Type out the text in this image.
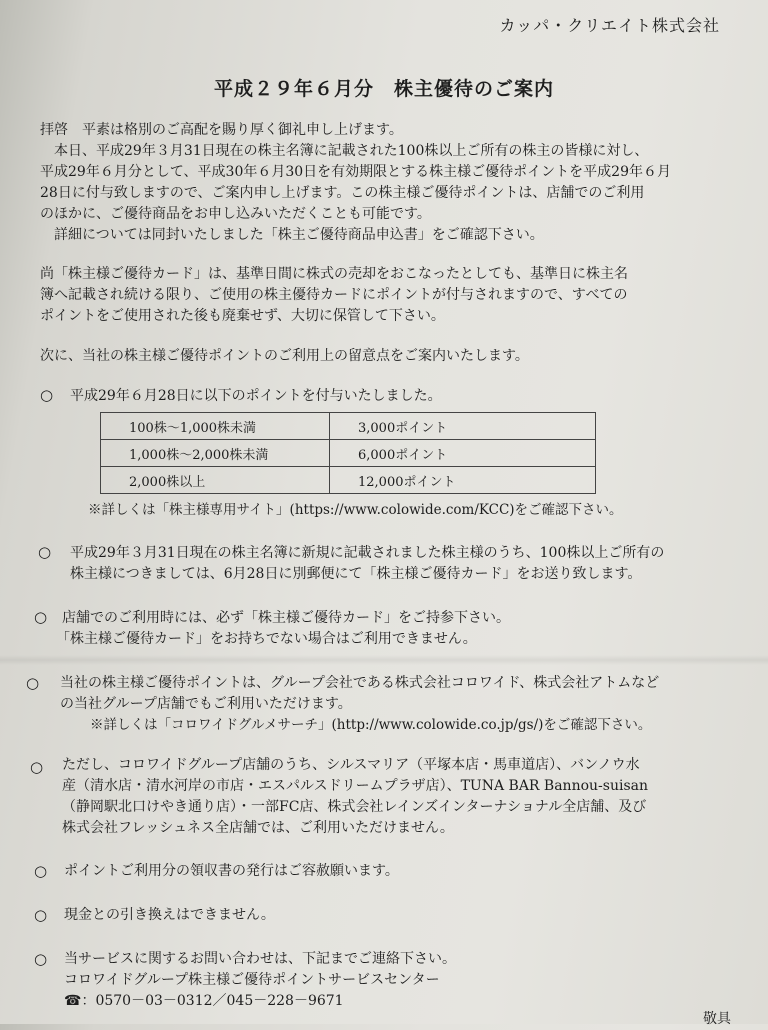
カッパ・クリエイト株式会社
平成２９年６月分　株主優待のご案内
拝啓　平素は格別のご高配を賜り厚く御礼申し上げます。
　本日、平成29年３月31日現在の株主名簿に記載された100株以上ご所有の株主の皆様に対し、
平成29年６月分として、平成30年６月30日を有効期限とする株主様ご優待ポイントを平成29年６月
28日に付与致しますので、ご案内申し上げます。この株主様ご優待ポイントは、店舗でのご利用
のほかに、ご優待商品をお申し込みいただくことも可能です。
　詳細については同封いたしました「株主ご優待商品申込書」をご確認下さい。
尚「株主様ご優待カード」は、基準日間に株式の売却をおこなったとしても、基準日に株主名
簿へ記載され続ける限り、ご使用の株主優待カードにポイントが付与されますので、すべての
ポイントをご使用された後も廃棄せず、大切に保管して下さい。
次に、当社の株主様ご優待ポイントのご利用上の留意点をご案内いたします。
○ 平成29年６月28日に以下のポイントを付与いたしました。
100株～1,000株未満	3,000ポイント
1,000株～2,000株未満	6,000ポイント
2,000株以上	12,000ポイント
※詳しくは「株主様専用サイト」(https://www.colowide.com/KCC)をご確認下さい。
○ 平成29年３月31日現在の株主名簿に新規に記載されました株主様のうち、100株以上ご所有の
株主様につきましては、6月28日に別郵便にて「株主様ご優待カード」をお送り致します。
○ 店舗でのご利用時には、必ず「株主様ご優待カード」をご持参下さい。
「株主様ご優待カード」をお持ちでない場合はご利用できません。
○ 当社の株主様ご優待ポイントは、グループ会社である株式会社コロワイド、株式会社アトムなど
の当社グループ店舗でもご利用いただけます。
※詳しくは「コロワイドグルメサーチ」(http://www.colowide.co.jp/gs/)をご確認下さい。
○ ただし、コロワイドグループ店舗のうち、シルスマリア（平塚本店・馬車道店）、バンノウ水
産（清水店・清水河岸の市店・エスパルスドリームプラザ店）、TUNA BAR Bannou-suisan
（静岡駅北口けやき通り店）・一部FC店、株式会社レインズインターナショナル全店舗、及び
株式会社フレッシュネス全店舗では、ご利用いただけません。
○ ポイントご利用分の領収書の発行はご容赦願います。
○ 現金との引き換えはできません。
○ 当サービスに関するお問い合わせは、下記までご連絡下さい。
コロワイドグループ株主様ご優待ポイントサービスセンター
☎：0570－03－0312／045－228－9671
敬具
